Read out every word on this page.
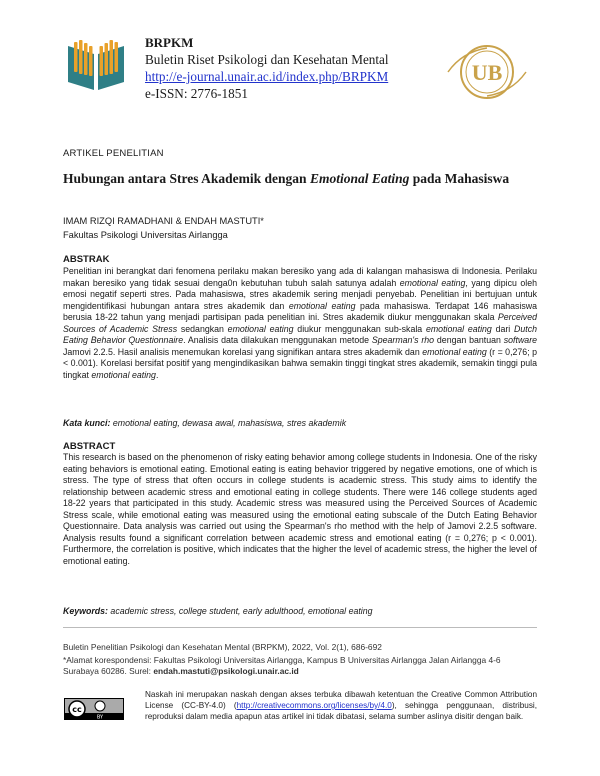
BRPKM
Buletin Riset Psikologi dan Kesehatan Mental
http://e-journal.unair.ac.id/index.php/BRPKM
e-ISSN: 2776-1851
UB
ARTIKEL PENELITIAN
Hubungan antara Stres Akademik dengan Emotional Eating pada Mahasiswa
IMAM RIZQI RAMADHANI & ENDAH MASTUTI*
Fakultas Psikologi Universitas Airlangga
ABSTRAK
Penelitian ini berangkat dari fenomena perilaku makan beresiko yang ada di kalangan mahasiswa di Indonesia. Perilaku makan beresiko yang tidak sesuai denga0n kebutuhan tubuh salah satunya adalah emotional eating, yang dipicu oleh emosi negatif seperti stres. Pada mahasiswa, stres akademik sering menjadi penyebab. Penelitian ini bertujuan untuk mengidentifikasi hubungan antara stres akademik dan emotional eating pada mahasiswa. Terdapat 146 mahasiswa berusia 18-22 tahun yang menjadi partisipan pada penelitian ini. Stres akademik diukur menggunakan skala Perceived Sources of Academic Stress sedangkan emotional eating diukur menggunakan sub-skala emotional eating dari Dutch Eating Behavior Questionnaire. Analisis data dilakukan menggunakan metode Spearman's rho dengan bantuan software Jamovi 2.2.5. Hasil analisis menemukan korelasi yang signifikan antara stres akademik dan emotional eating (r = 0,276; p < 0.001). Korelasi bersifat positif yang mengindikasikan bahwa semakin tinggi tingkat stres akademik, semakin tinggi pula tingkat emotional eating.
Kata kunci: emotional eating, dewasa awal, mahasiswa, stres akademik
ABSTRACT
This research is based on the phenomenon of risky eating behavior among college students in Indonesia. One of the risky eating behaviors is emotional eating. Emotional eating is eating behavior triggered by negative emotions, one of which is stress. The type of stress that often occurs in college students is academic stress. This study aims to identify the relationship between academic stress and emotional eating in college students. There were 146 college students aged 18-22 years that participated in this study. Academic stress was measured using the Perceived Sources of Academic Stress scale, while emotional eating was measured using the emotional eating subscale of the Dutch Eating Behavior Questionnaire. Data analysis was carried out using the Spearman's rho method with the help of Jamovi 2.2.5 software. Analysis results found a significant correlation between academic stress and emotional eating (r = 0,276; p < 0.001). Furthermore, the correlation is positive, which indicates that the higher the level of academic stress, the higher the level of emotional eating.
Keywords: academic stress, college student, early adulthood, emotional eating
Buletin Penelitian Psikologi dan Kesehatan Mental (BRPKM), 2022, Vol. 2(1), 686-692
*Alamat korespondensi: Fakultas Psikologi Universitas Airlangga, Kampus B Universitas Airlangga Jalan Airlangga 4-6 Surabaya 60286. Surel: endah.mastuti@psikologi.unair.ac.id
cc
BY
Naskah ini merupakan naskah dengan akses terbuka dibawah ketentuan the Creative Common Attribution License (CC-BY-4.0) (http://creativecommons.org/licenses/by/4.0), sehingga penggunaan, distribusi, reproduksi dalam media apapun atas artikel ini tidak dibatasi, selama sumber aslinya disitir dengan baik.
